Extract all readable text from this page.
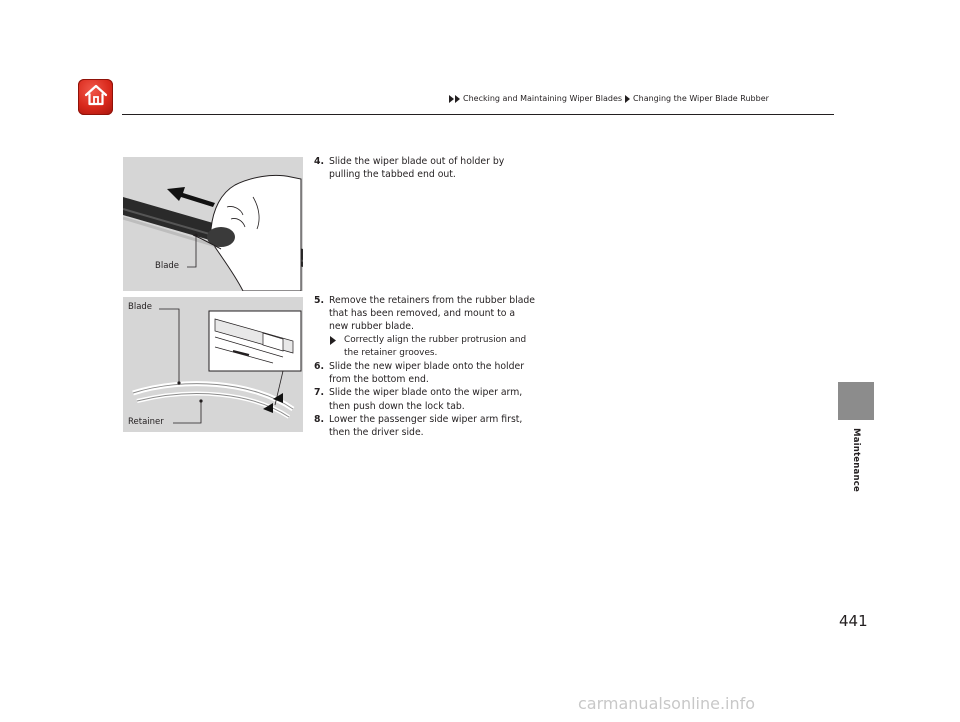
Checking and Maintaining Wiper Blades Changing the Wiper Blade Rubber
Blade
Blade
Retainer
4. Slide the wiper blade out of holder by
pulling the tabbed end out.
5. Remove the retainers from the rubber blade
that has been removed, and mount to a
new rubber blade.
Correctly align the rubber protrusion and
the retainer grooves.
6. Slide the new wiper blade onto the holder
from the bottom end.
7. Slide the wiper blade onto the wiper arm,
then push down the lock tab.
8. Lower the passenger side wiper arm first,
then the driver side.	Maintenance
441
carmanualsonline.info
